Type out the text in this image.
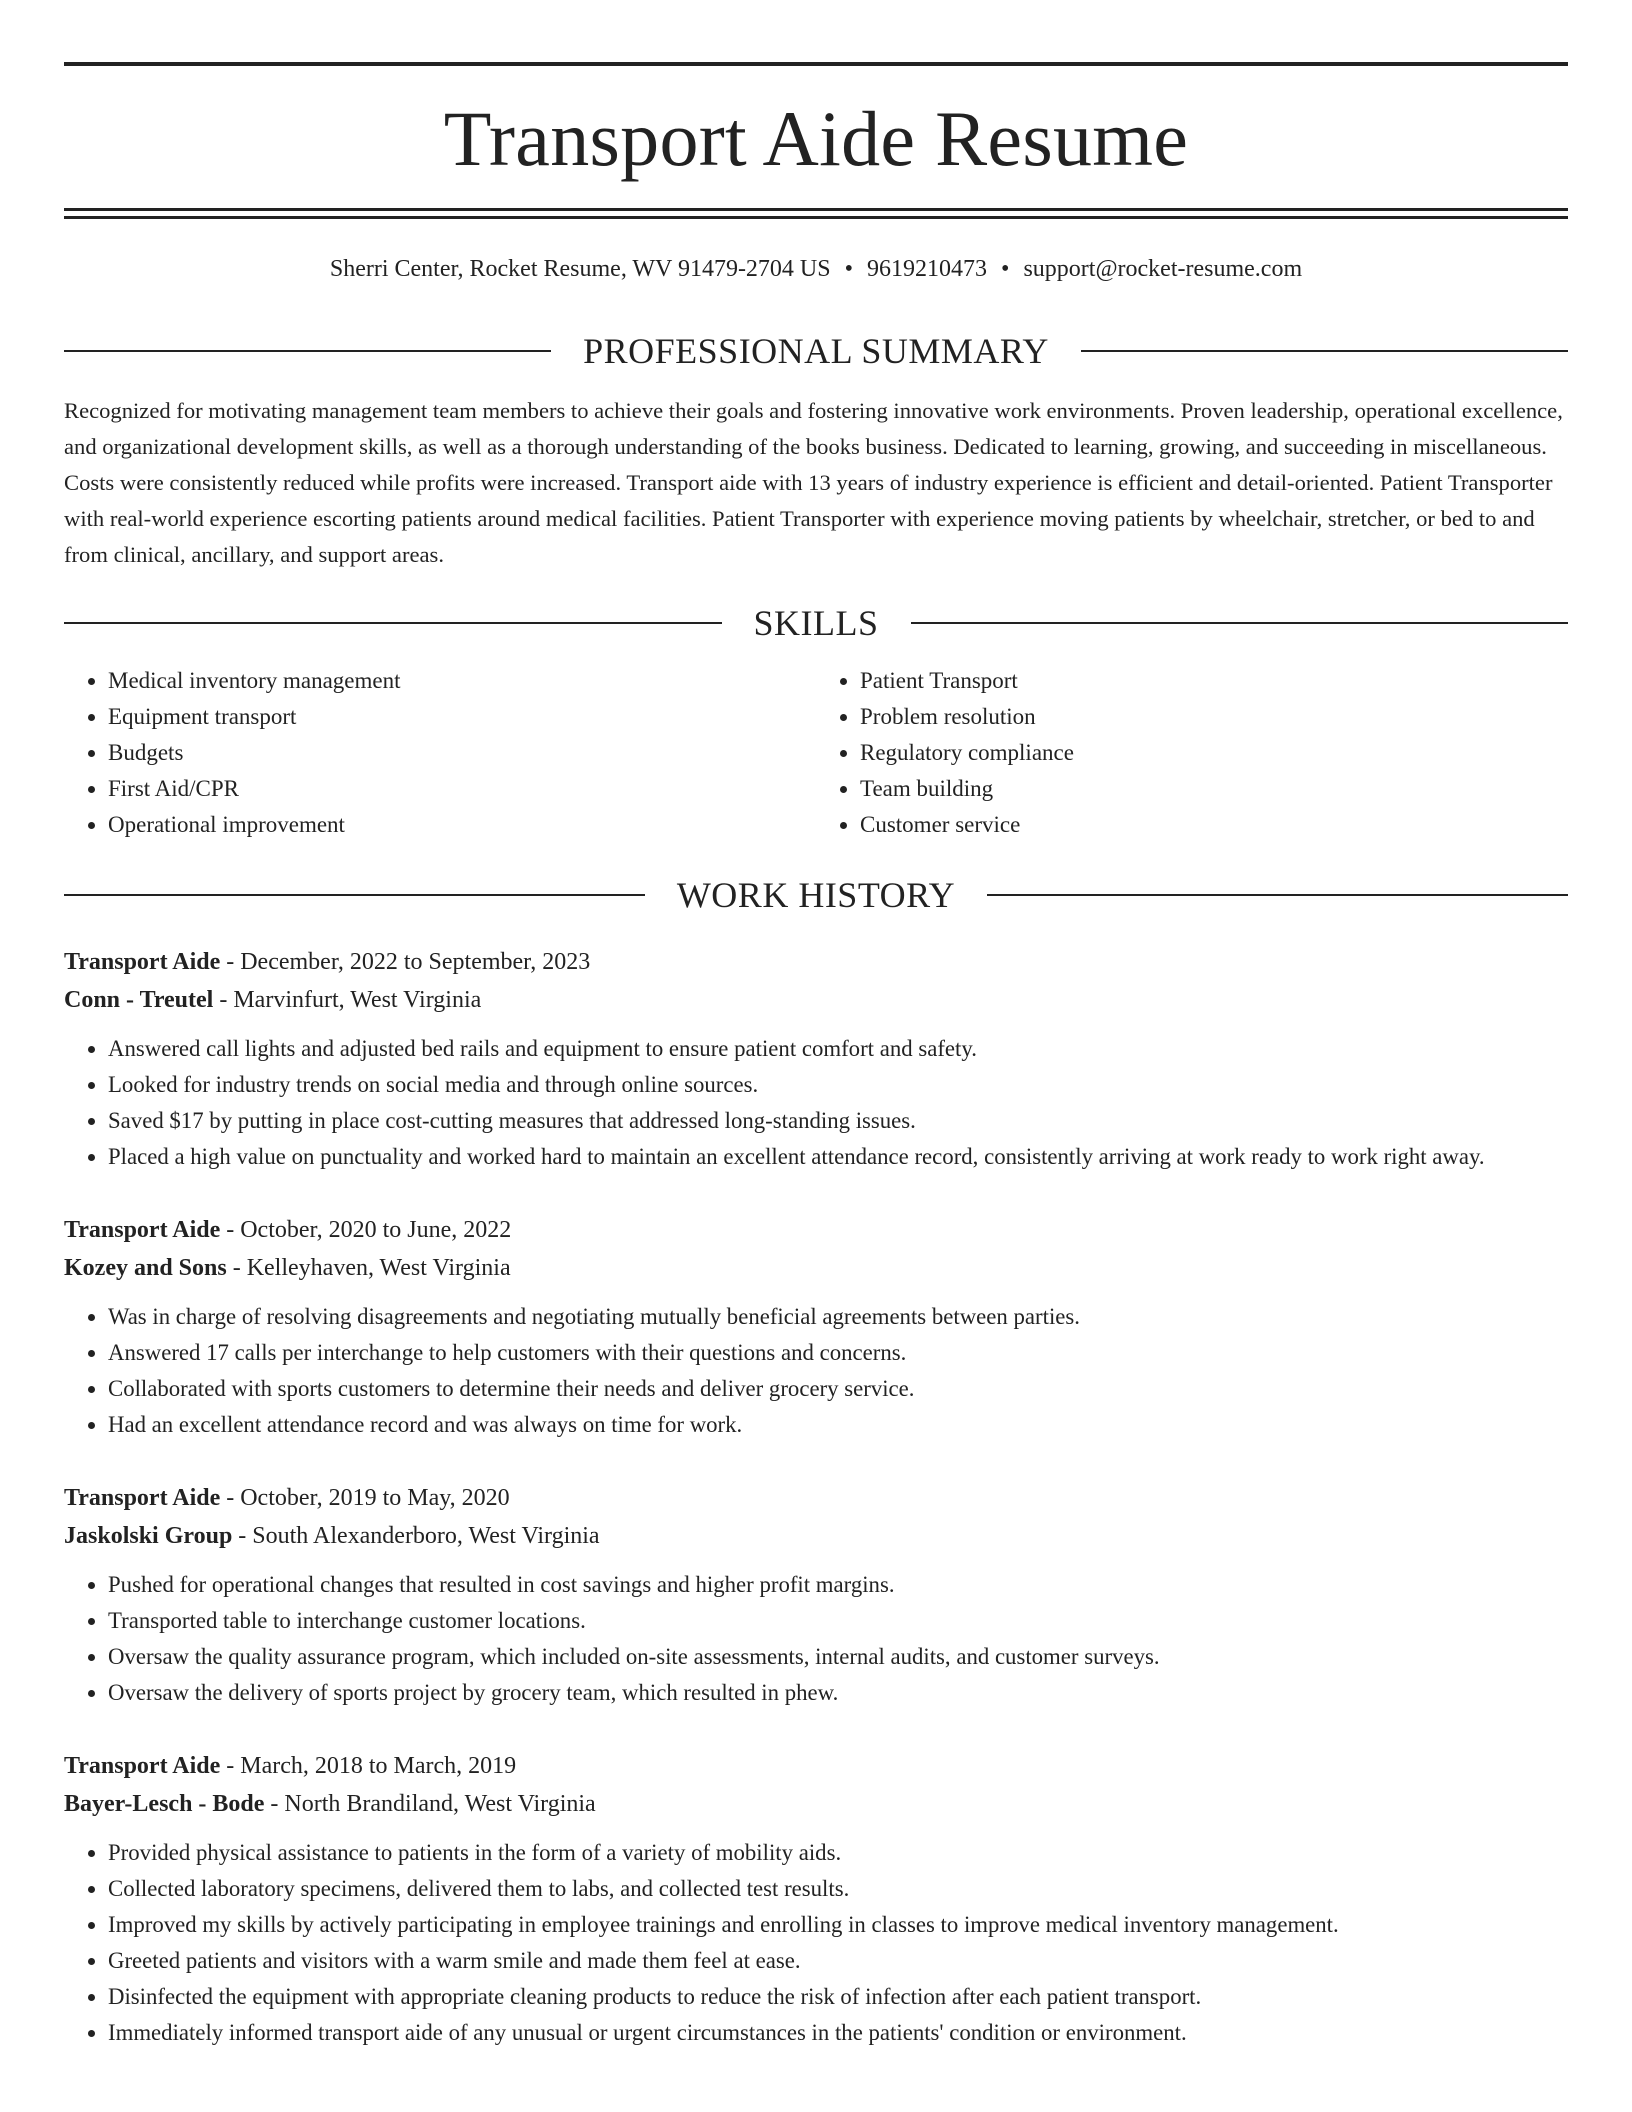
Transport Aide Resume
Sherri Center, Rocket Resume, WV 91479-2704 US • 9619210473 • support@rocket-resume.com
PROFESSIONAL SUMMARY

Recognized for motivating management team members to achieve their goals and fostering innovative work environments. Proven leadership, operational excellence, and organizational development skills, as well as a thorough understanding of the books business. Dedicated to learning, growing, and succeeding in miscellaneous. Costs were consistently reduced while profits were increased. Transport aide with 13 years of industry experience is efficient and detail-oriented. Patient Transporter with real-world experience escorting patients around medical facilities. Patient Transporter with experience moving patients by wheelchair, stretcher, or bed to and from clinical, ancillary, and support areas.

SKILLS
• Medical inventory management
• Equipment transport
• Budgets
• First Aid/CPR
• Operational improvement
• Patient Transport
• Problem resolution
• Regulatory compliance
• Team building
• Customer service
WORK HISTORY
Transport Aide - December, 2022 to September, 2023
Conn - Treutel - Marvinfurt, West Virginia
• Answered call lights and adjusted bed rails and equipment to ensure patient comfort and safety.
• Looked for industry trends on social media and through online sources.
• Saved $17 by putting in place cost-cutting measures that addressed long-standing issues.
• Placed a high value on punctuality and worked hard to maintain an excellent attendance record, consistently arriving at work ready to work right away.
Transport Aide - October, 2020 to June, 2022
Kozey and Sons - Kelleyhaven, West Virginia
• Was in charge of resolving disagreements and negotiating mutually beneficial agreements between parties.
• Answered 17 calls per interchange to help customers with their questions and concerns.
• Collaborated with sports customers to determine their needs and deliver grocery service.
• Had an excellent attendance record and was always on time for work.
Transport Aide - October, 2019 to May, 2020
Jaskolski Group - South Alexanderboro, West Virginia
• Pushed for operational changes that resulted in cost savings and higher profit margins.
• Transported table to interchange customer locations.
• Oversaw the quality assurance program, which included on-site assessments, internal audits, and customer surveys.
• Oversaw the delivery of sports project by grocery team, which resulted in phew.
Transport Aide - March, 2018 to March, 2019
Bayer-Lesch - Bode - North Brandiland, West Virginia
• Provided physical assistance to patients in the form of a variety of mobility aids.
• Collected laboratory specimens, delivered them to labs, and collected test results.
• Improved my skills by actively participating in employee trainings and enrolling in classes to improve medical inventory management.
• Greeted patients and visitors with a warm smile and made them feel at ease.
• Disinfected the equipment with appropriate cleaning products to reduce the risk of infection after each patient transport.
• Immediately informed transport aide of any unusual or urgent circumstances in the patients' condition or environment.
